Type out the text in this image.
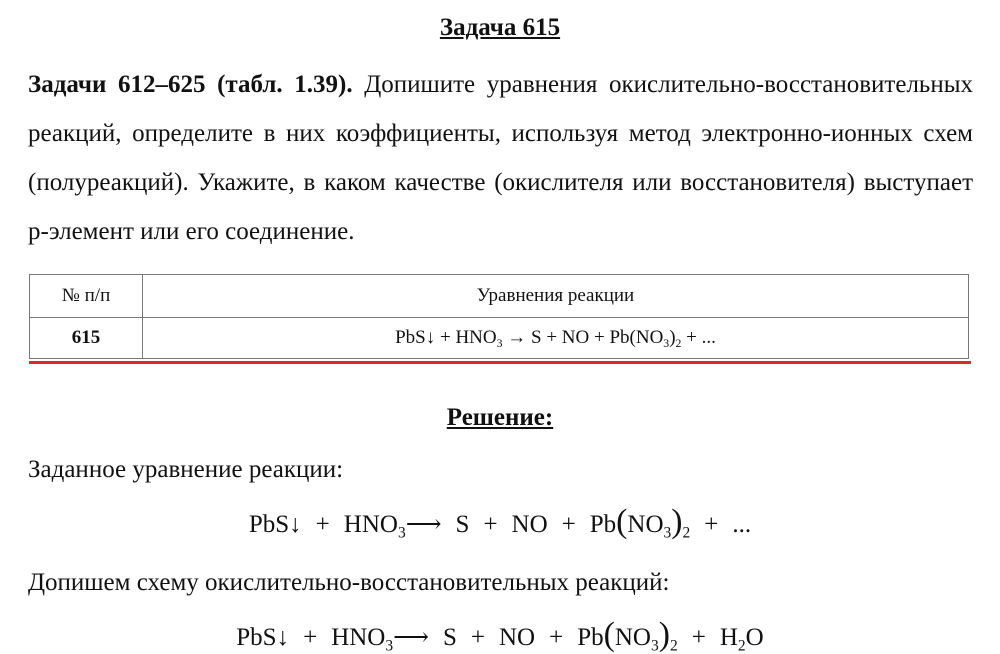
Задача 615

Задачи 612–625 (табл. 1.39). Допишите уравнения окислительно-восстановительных реакций, определите в них коэффициенты, используя метод электронно-ионных схем (полуреакций). Укажите, в каком качестве (окислителя или восстановителя) выступает p-элемент или его соединение.

№ п/п	Уравнения реакции
615	PbS↓ + $HNO_3 \to S$ + NO + $Pb(NO_3)_2$ + ...
Решение:
Заданное уравнение реакции:
PbS↓ + $HNO_3⟶$ S + NO + $Pb(NO_3)_2$ + ...
Допишем схему окислительно-восстановительных реакций:
PbS↓ + $HNO_3⟶$ S + NO + $Pb(NO_3)_2 + H_2O$
